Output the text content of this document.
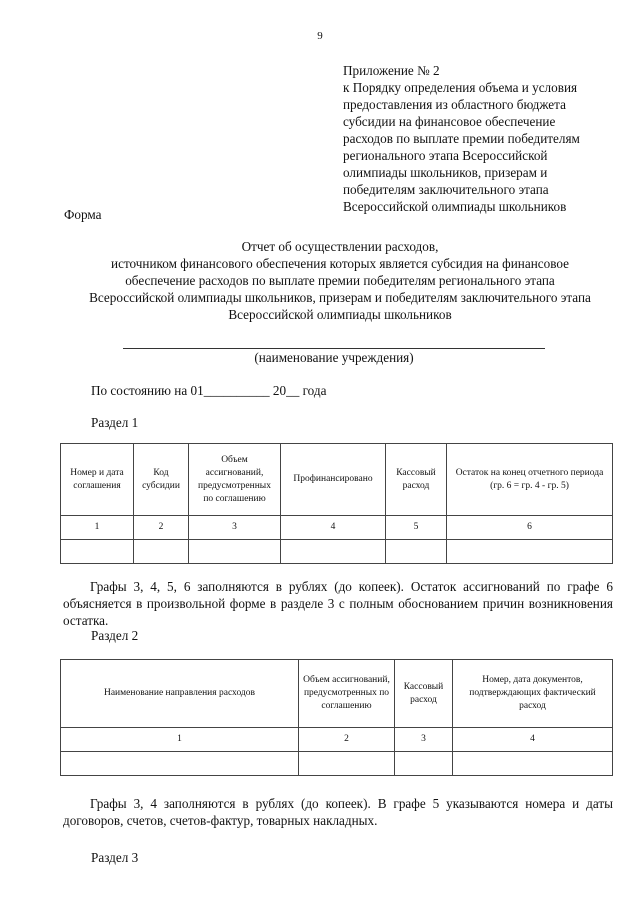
9
Приложение № 2
к Порядку определения объема и условия
предоставления из областного бюджета
субсидии на финансовое обеспечение
расходов по выплате премии победителям
регионального этапа Всероссийской
олимпиады школьников, призерам и
победителям заключительного этапа
Всероссийской олимпиады школьников
Форма
Отчет об осуществлении расходов,
источником финансового обеспечения которых является субсидия на финансовое
обеспечение расходов по выплате премии победителям регионального этапа
Всероссийской олимпиады школьников, призерам и победителям заключительного этапа
Всероссийской олимпиады школьников
(наименование учреждения)
По состоянию на 01__________ 20__ года
Раздел 1
Номер и дата соглашения	Код субсидии	Объем ассигнований, предусмотренных по соглашению	Профинансировано	Кассовый расход	Остаток на конец отчетного периода (гр. 6 = гр. 4 - гр. 5)
1	2	3	4	5	6

Графы 3, 4, 5, 6 заполняются в рублях (до копеек). Остаток ассигнований по графе 6 объясняется в произвольной форме в разделе 3 с полным обоснованием причин возникновения остатка.
Раздел 2
Наименование направления расходов	Объем ассигнований, предусмотренных по соглашению	Кассовый расход	Номер, дата документов, подтверждающих фактический расход
1	2	3	4

Графы 3, 4 заполняются в рублях (до копеек). В графе 5 указываются номера и даты договоров, счетов, счетов-фактур, товарных накладных.
Раздел 3
